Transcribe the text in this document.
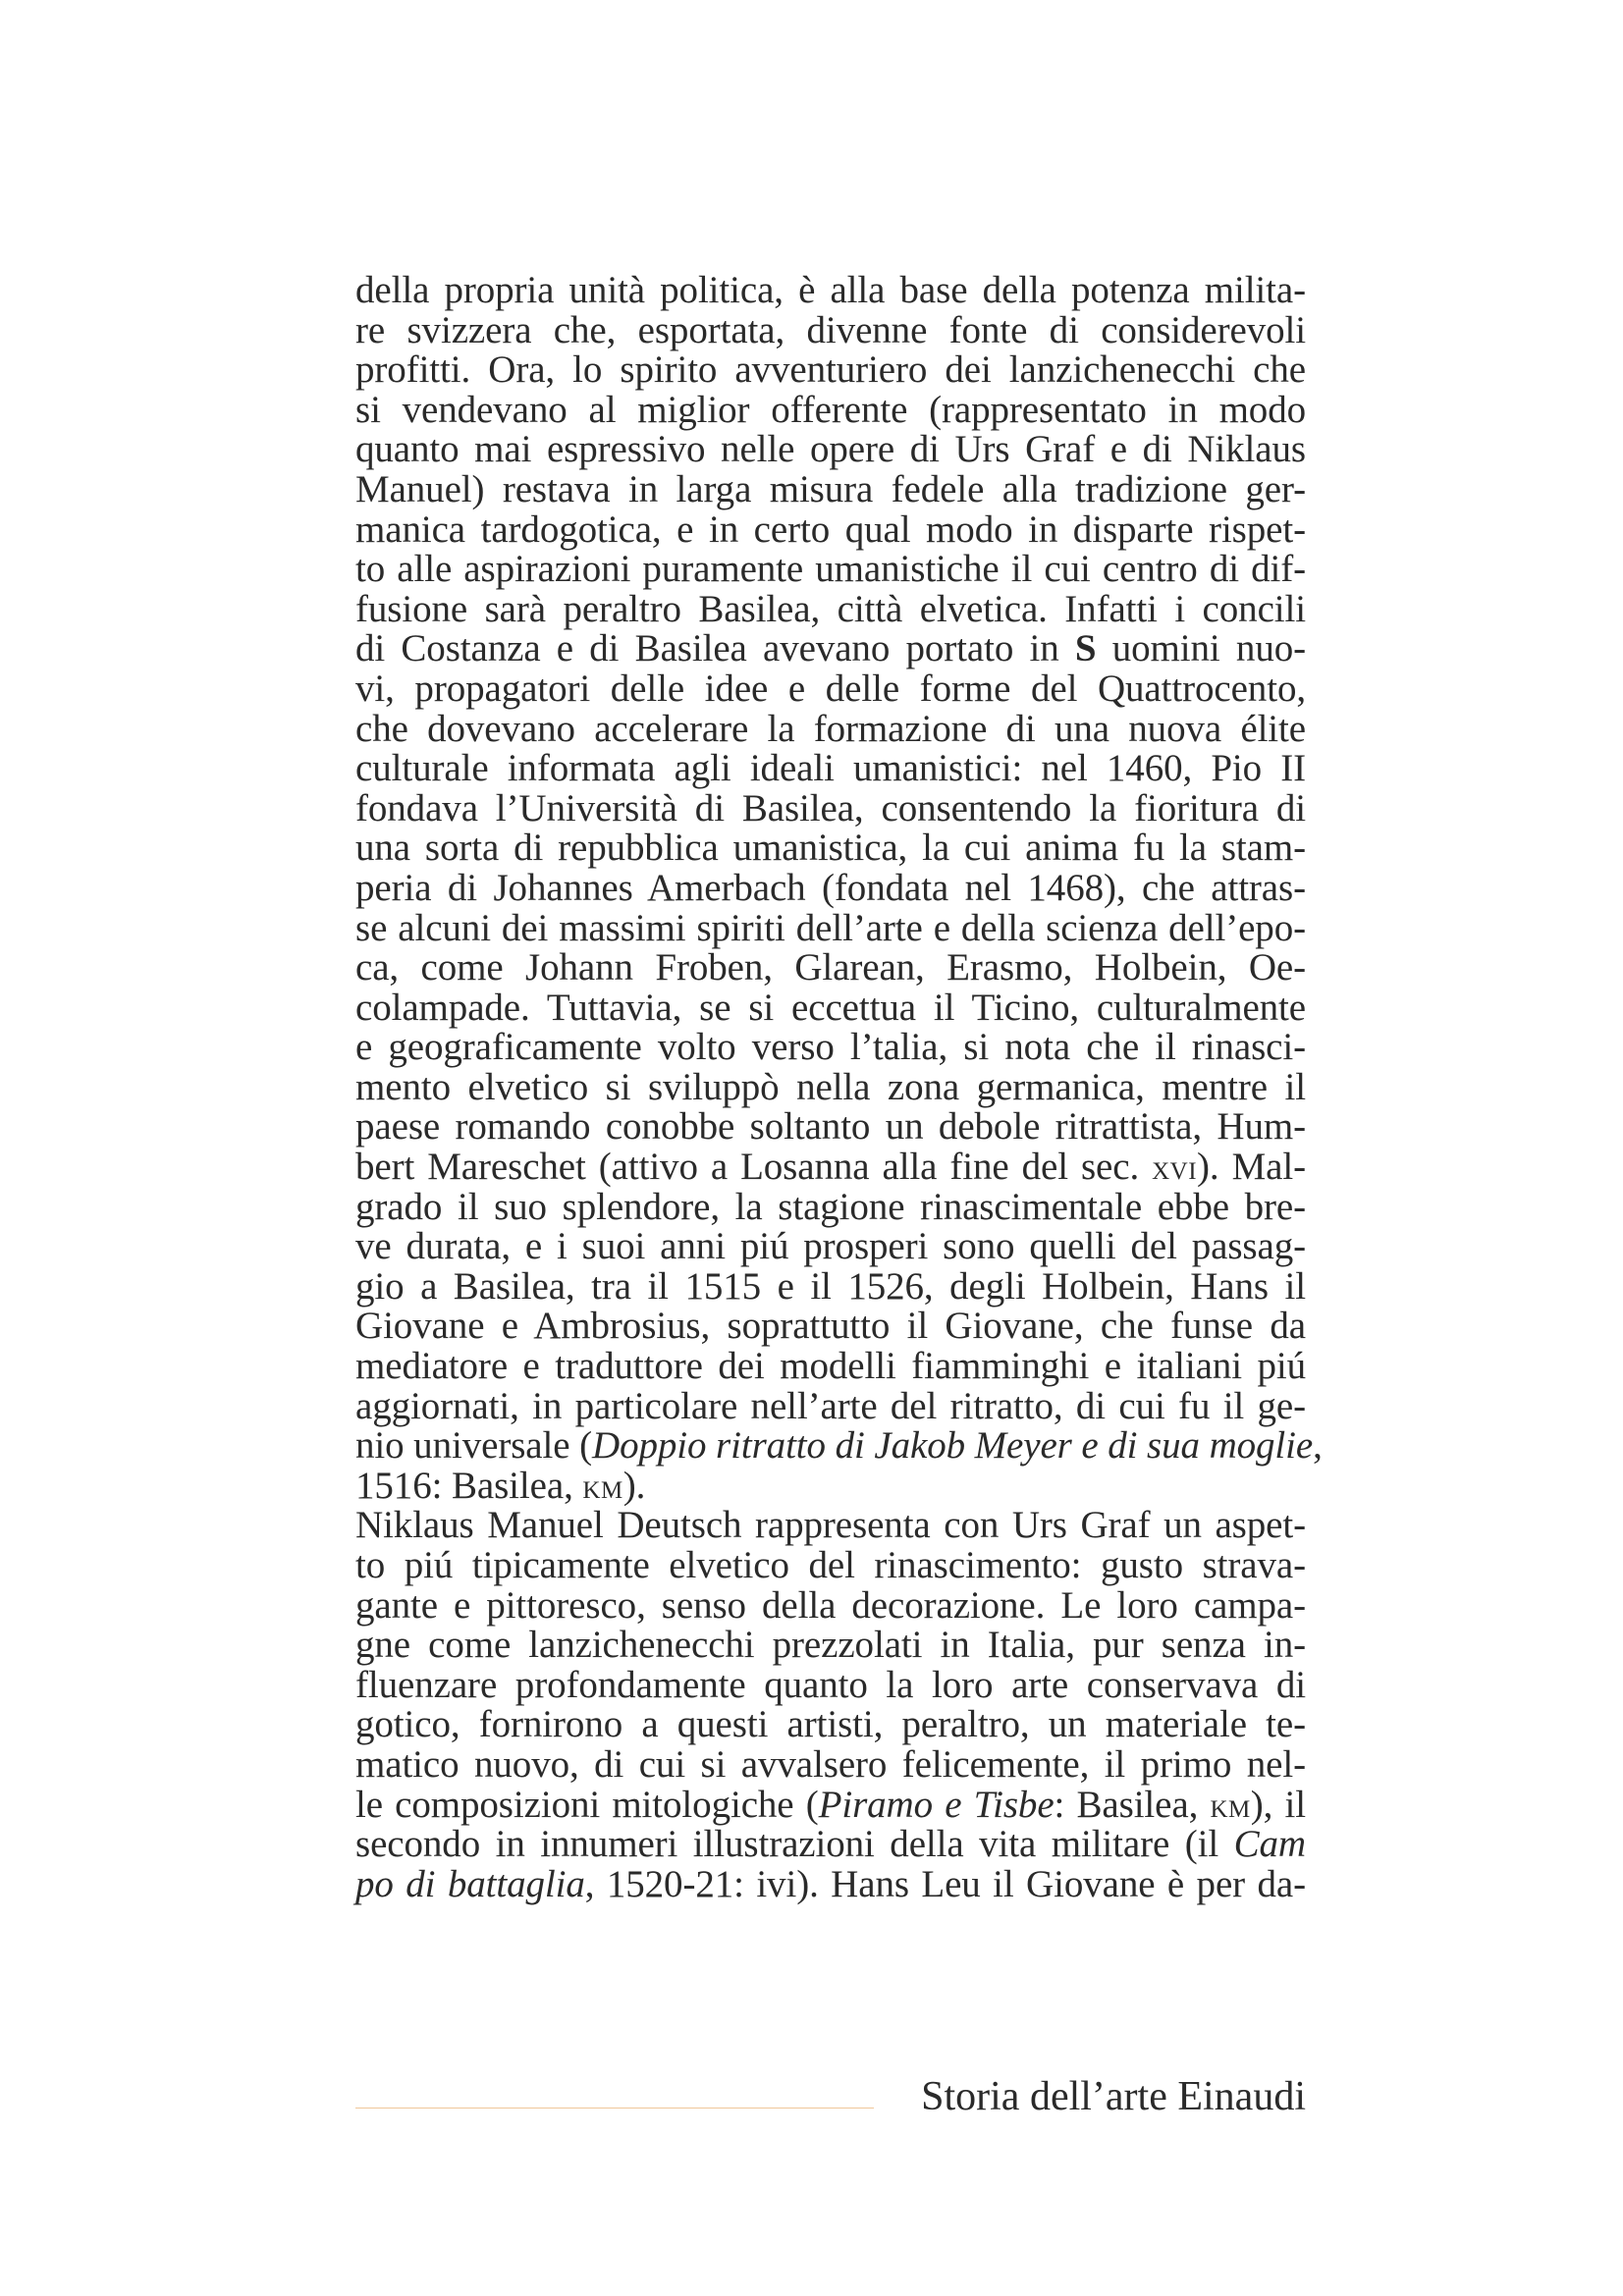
della propria unità politica, è alla base della potenza milita-
re svizzera che, esportata, divenne fonte di considerevoli
profitti. Ora, lo spirito avventuriero dei lanzichenecchi che
si vendevano al miglior offerente (rappresentato in modo
quanto mai espressivo nelle opere di Urs Graf e di Niklaus
Manuel) restava in larga misura fedele alla tradizione ger-
manica tardogotica, e in certo qual modo in disparte rispet-
to alle aspirazioni puramente umanistiche il cui centro di dif-
fusione sarà peraltro Basilea, città elvetica. Infatti i concili
di Costanza e di Basilea avevano portato in S uomini nuo-
vi, propagatori delle idee e delle forme del Quattrocento,
che dovevano accelerare la formazione di una nuova élite
culturale informata agli ideali umanistici: nel 1460, Pio II
fondava l’Università di Basilea, consentendo la fioritura di
una sorta di repubblica umanistica, la cui anima fu la stam-
peria di Johannes Amerbach (fondata nel 1468), che attras-
se alcuni dei massimi spiriti dell’arte e della scienza dell’epo-
ca, come Johann Froben, Glarean, Erasmo, Holbein, Oe-
colampade. Tuttavia, se si eccettua il Ticino, culturalmente
e geograficamente volto verso l’talia, si nota che il rinasci-
mento elvetico si sviluppò nella zona germanica, mentre il
paese romando conobbe soltanto un debole ritrattista, Hum-
bert Mareschet (attivo a Losanna alla fine del sec. xvi). Mal-
grado il suo splendore, la stagione rinascimentale ebbe bre-
ve durata, e i suoi anni piú prosperi sono quelli del passag-
gio a Basilea, tra il 1515 e il 1526, degli Holbein, Hans il
Giovane e Ambrosius, soprattutto il Giovane, che funse da
mediatore e traduttore dei modelli fiamminghi e italiani piú
aggiornati, in particolare nell’arte del ritratto, di cui fu il ge-
nio universale (Doppio ritratto di Jakob Meyer e di sua moglie,
1516: Basilea, km).
Niklaus Manuel Deutsch rappresenta con Urs Graf un aspet-
to piú tipicamente elvetico del rinascimento: gusto strava-
gante e pittoresco, senso della decorazione. Le loro campa-
gne come lanzichenecchi prezzolati in Italia, pur senza in-
fluenzare profondamente quanto la loro arte conservava di
gotico, fornirono a questi artisti, peraltro, un materiale te-
matico nuovo, di cui si avvalsero felicemente, il primo nel-
le composizioni mitologiche (Piramo e Tisbe: Basilea, km), il
secondo in innumeri illustrazioni della vita militare (il Cam
po di battaglia, 1520-21: ivi). Hans Leu il Giovane è per da-
Storia dell’arte Einaudi
